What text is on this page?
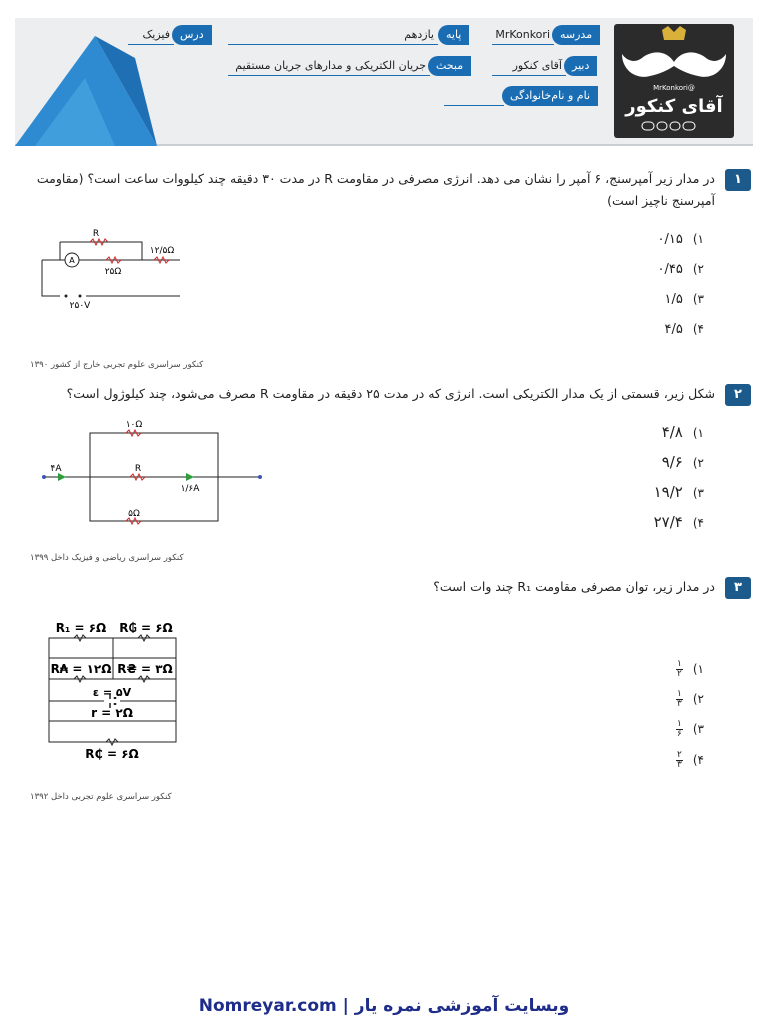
@MrKonkori
آقای کنکور
مدرسه
MrKonkori
پایه
یازدهم
درس
فیزیک
دبیر
آقای کنکور
مبحث
جریان الکتریکی و مدارهای جریان مستقیم
نام و نام‌خانوادگی
۱
در مدار زیر آمپرسنج، ۶ آمپر را نشان می دهد. انرژی مصرفی در مقاومت R در مدت ۳۰ دقیقه چند کیلووات ساعت است؟ (مقاومت آمپرسنج ناچیز است)
A
R
۲۵Ω
۱۲/۵Ω
۲۵۰V
۱)۰/۱۵
۲)۰/۴۵
۳)۱/۵
۴)۴/۵
کنکور سراسری علوم تجربی خارج از کشور ۱۳۹۰
۲
شکل زیر، قسمتی از یک مدار الکتریکی است. انرژی که در مدت ۲۵ دقیقه در مقاومت R مصرف می‌شود، چند کیلوژول است؟
۱۰Ω
R
۵Ω
۴A
۱/۶A
۱)۴/۸
۲)۹/۶
۳)۱۹/۲
۴)۲۷/۴
کنکور سراسری ریاضی و فیزیک داخل ۱۳۹۹
۳
در مدار زیر، توان مصرفی مقاومت R₁ چند وات است؟
R₁ = ۶Ω R₲ = ۶Ω
R₳ = ۱۲Ω R₴ = ۳Ω
ε = ۵V
r = ۲Ω
R₵ = ۶Ω
۱)
$\frac{۱}{۲}$
۲)
$\frac{۱}{۳}$
۳)
$\frac{۱}{۶}$
۴)
$\frac{۲}{۳}$
کنکور سراسری علوم تجربی داخل ۱۳۹۲
وبسایت آموزشی نمره یار | Nomreyar.com
